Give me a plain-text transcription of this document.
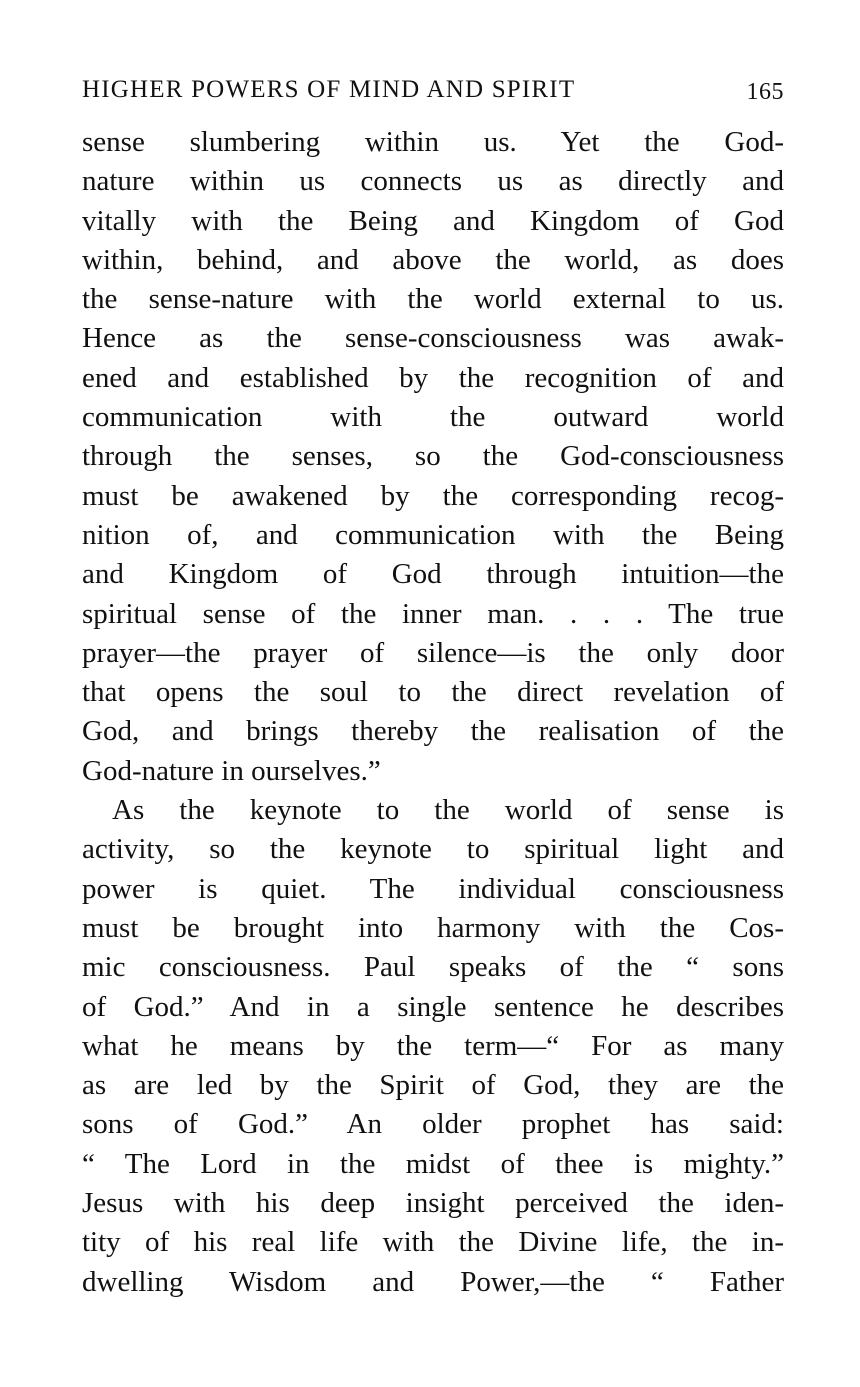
HIGHER POWERS OF MIND AND SPIRIT	165
sense slumbering within us. Yet the God-
nature within us connects us as directly and
vitally with the Being and Kingdom of God
within, behind, and above the world, as does
the sense-nature with the world external to us.
Hence as the sense-consciousness was awak-
ened and established by the recognition of and
communication with the outward world
through the senses, so the God-consciousness
must be awakened by the corresponding recog-
nition of, and communication with the Being
and Kingdom of God through intuition—the
spiritual sense of the inner man. . . . The true
prayer—the prayer of silence—is the only door
that opens the soul to the direct revelation of
God, and brings thereby the realisation of the
God-nature in ourselves.”
As the keynote to the world of sense is
activity, so the keynote to spiritual light and
power is quiet. The individual consciousness
must be brought into harmony with the Cos-
mic consciousness. Paul speaks of the “ sons
of God.” And in a single sentence he describes
what he means by the term—“ For as many
as are led by the Spirit of God, they are the
sons of God.” An older prophet has said:
“ The Lord in the midst of thee is mighty.”
Jesus with his deep insight perceived the iden-
tity of his real life with the Divine life, the in-
dwelling Wisdom and Power,—the “ Father
